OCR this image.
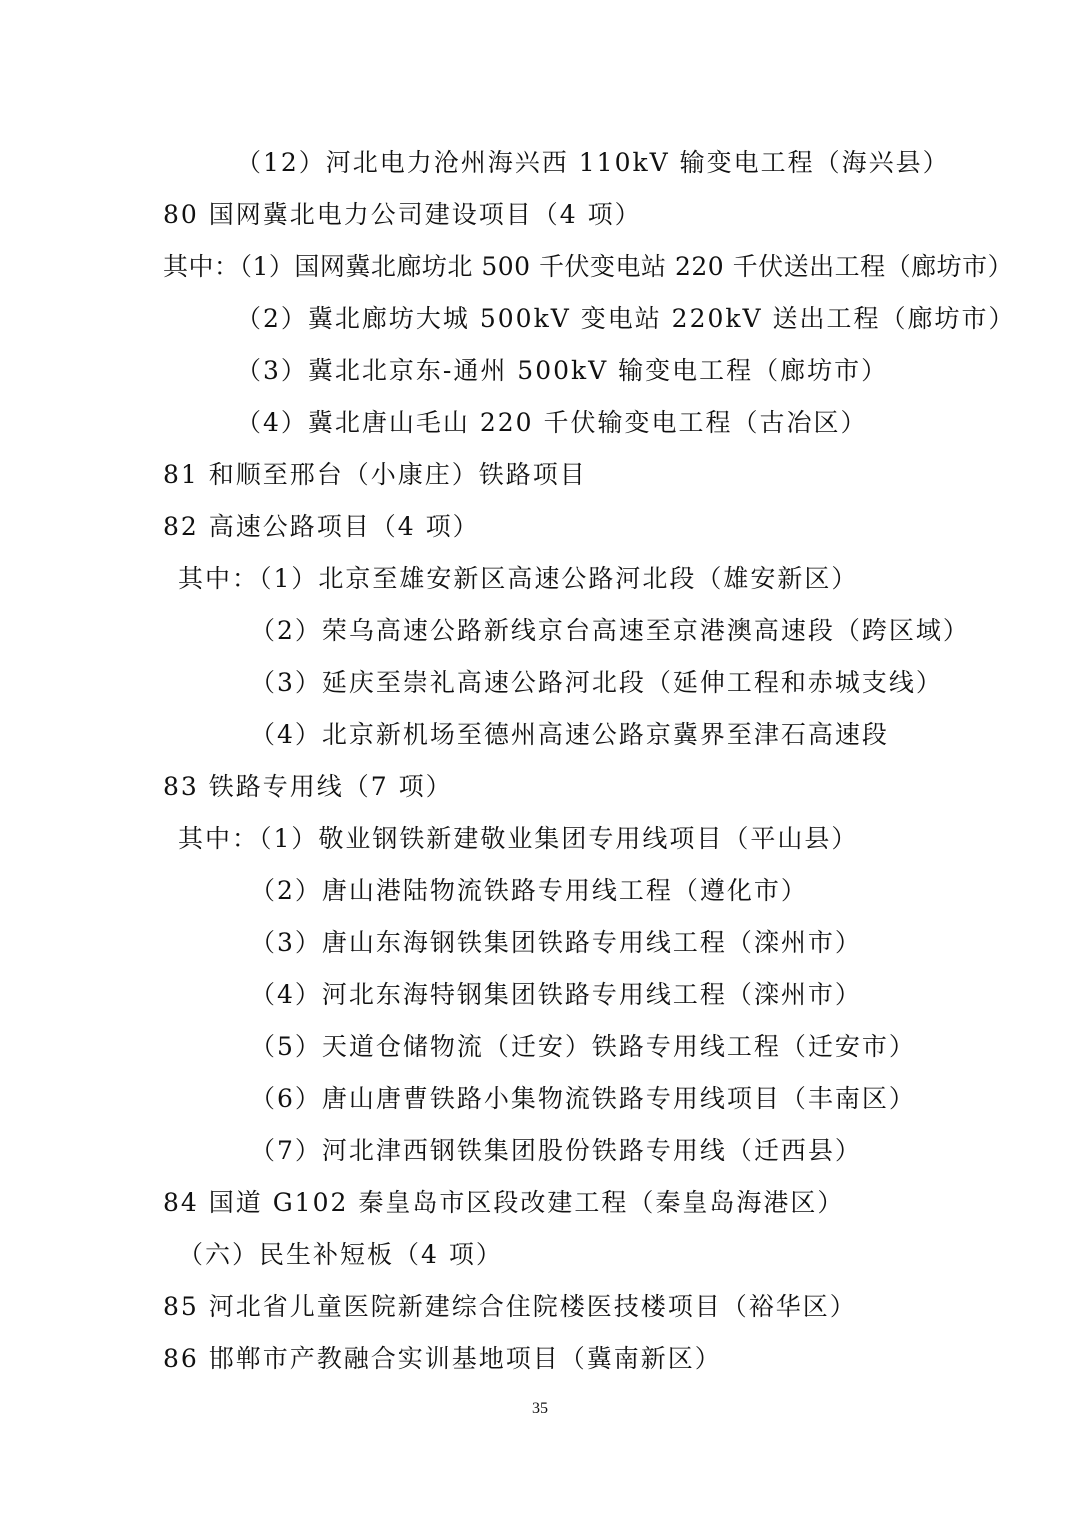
（12）河北电力沧州海兴西 110kV 输变电工程（海兴县）
80 国网冀北电力公司建设项目（4 项）
其中：（1）国网冀北廊坊北 500 千伏变电站 220 千伏送出工程（廊坊市）
（2）冀北廊坊大城 500kV 变电站 220kV 送出工程（廊坊市）
（3）冀北北京东-通州 500kV 输变电工程（廊坊市）
（4）冀北唐山毛山 220 千伏输变电工程（古冶区）
81 和顺至邢台（小康庄）铁路项目
82 高速公路项目（4 项）
其中：（1）北京至雄安新区高速公路河北段（雄安新区）
（2）荣乌高速公路新线京台高速至京港澳高速段（跨区域）
（3）延庆至崇礼高速公路河北段（延伸工程和赤城支线）
（4）北京新机场至德州高速公路京冀界至津石高速段
83 铁路专用线（7 项）
其中：（1）敬业钢铁新建敬业集团专用线项目（平山县）
（2）唐山港陆物流铁路专用线工程（遵化市）
（3）唐山东海钢铁集团铁路专用线工程（滦州市）
（4）河北东海特钢集团铁路专用线工程（滦州市）
（5）天道仓储物流（迁安）铁路专用线工程（迁安市）
（6）唐山唐曹铁路小集物流铁路专用线项目（丰南区）
（7）河北津西钢铁集团股份铁路专用线（迁西县）
84 国道 G102 秦皇岛市区段改建工程（秦皇岛海港区）
（六）民生补短板（4 项）
85 河北省儿童医院新建综合住院楼医技楼项目（裕华区）
86 邯郸市产教融合实训基地项目（冀南新区）
35
